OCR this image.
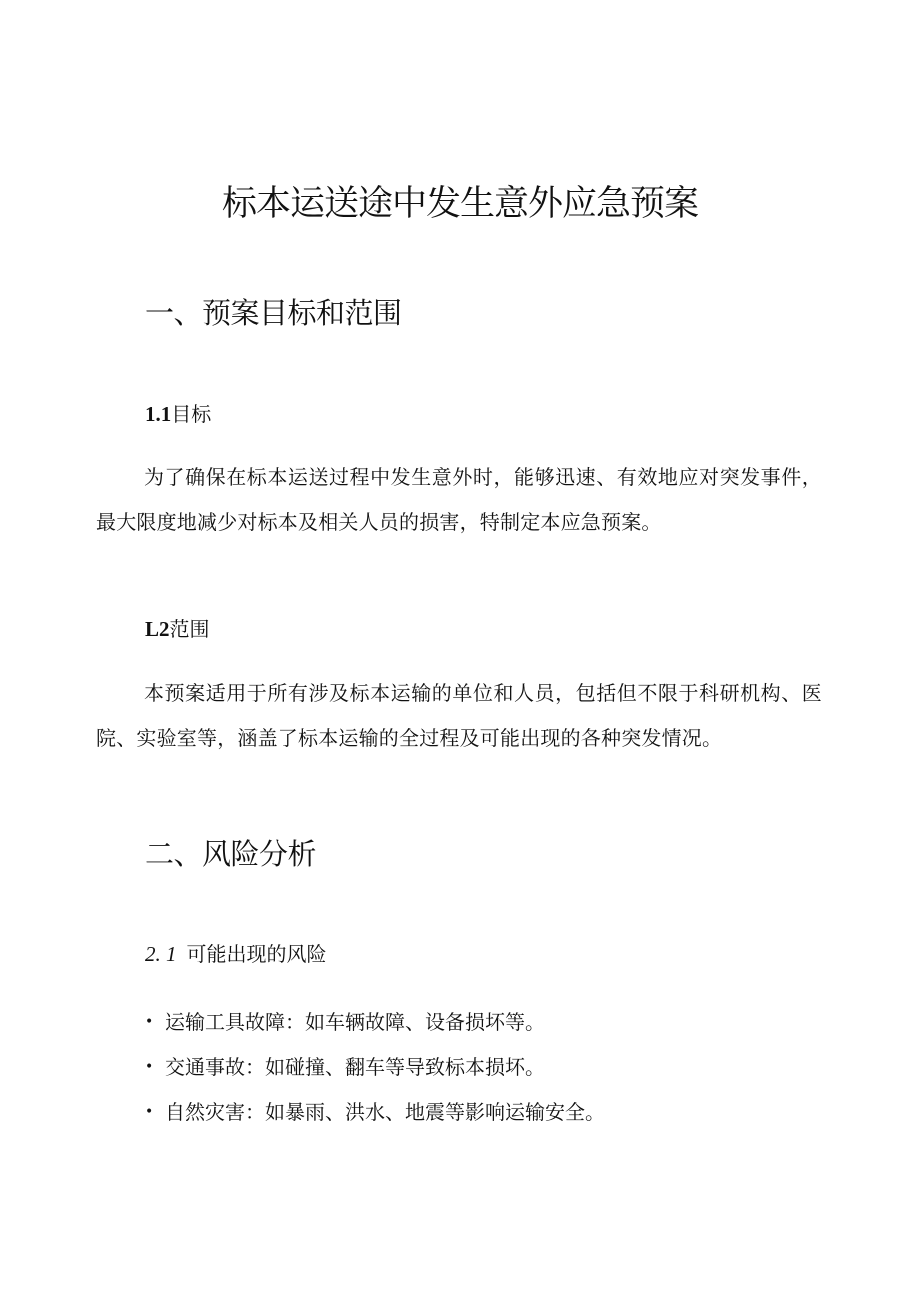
标本运送途中发生意外应急预案
一、预案目标和范围
1.1目标

为了确保在标本运送过程中发生意外时，能够迅速、有效地应对突发事件，最大限度地减少对标本及相关人员的损害，特制定本应急预案。

L2范围

本预案适用于所有涉及标本运输的单位和人员，包括但不限于科研机构、医院、实验室等，涵盖了标本运输的全过程及可能出现的各种突发情况。

二、风险分析
2. 1 可能出现的风险
• 运输工具故障：如车辆故障、设备损坏等。
• 交通事故：如碰撞、翻车等导致标本损坏。
• 自然灾害：如暴雨、洪水、地震等影响运输安全。
